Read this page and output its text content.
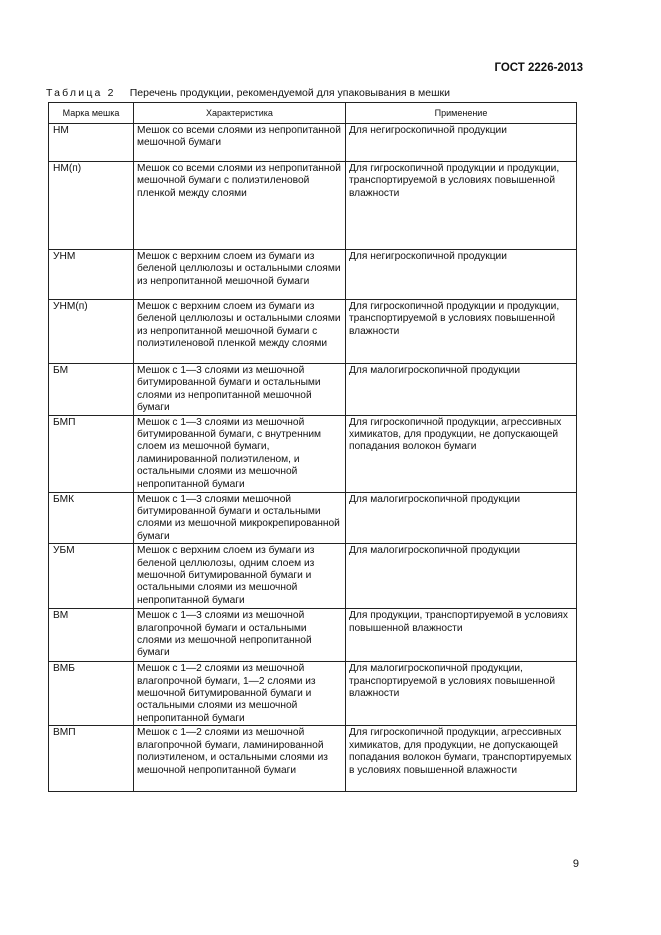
ГОСТ 2226-2013
Таблица 2 Перечень продукции, рекомендуемой для упаковывания в мешки
Марка мешка	Характеристика	Применение
НМ	Мешок со всеми слоями из непропитанной мешочной бумаги	Для негигроскопичной продукции
НМ(п)	Мешок со всеми слоями из непропитанной мешочной бумаги с полиэтиленовой пленкой между слоями	Для гигроскопичной продукции и продукции, транспортируемой в условиях повышенной влажности
УНМ	Мешок с верхним слоем из бумаги из беленой целлюлозы и остальными слоями из непропитанной мешочной бумаги	Для негигроскопичной продукции
УНМ(п)	Мешок с верхним слоем из бумаги из беленой целлюлозы и остальными слоями из непропитанной мешочной бумаги с полиэтиленовой пленкой между слоями	Для гигроскопичной продукции и продукции, транспортируемой в условиях повышенной влажности
БМ	Мешок с 1—3 слоями из мешочной битумированной бумаги и остальными слоями из непропитанной мешочной бумаги	Для малогигроскопичной продукции
БМП	Мешок с 1—3 слоями из мешочной битумированной бумаги, с внутренним слоем из мешочной бумаги, ламинированной полиэтиленом, и остальными слоями из мешочной непропитанной бумаги	Для гигроскопичной продукции, агрессивных химикатов, для продукции, не допускающей попадания волокон бумаги
БМК	Мешок с 1—3 слоями мешочной битумированной бумаги и остальными слоями из мешочной микрокрепированной бумаги	Для малогигроскопичной продукции
УБМ	Мешок с верхним слоем из бумаги из беленой целлюлозы, одним слоем из мешочной битумированной бумаги и остальными слоями из мешочной непропитанной бумаги	Для малогигроскопичной продукции
ВМ	Мешок с 1—3 слоями из мешочной влагопрочной бумаги и остальными слоями из мешочной непропитанной бумаги	Для продукции, транспортируемой в условиях повышенной влажности
ВМБ	Мешок с 1—2 слоями из мешочной влагопрочной бумаги, 1—2 слоями из мешочной битумированной бумаги и остальными слоями из мешочной непропитанной бумаги	Для малогигроскопичной продукции, транспортируемой в условиях повышенной влажности
ВМП	Мешок с 1—2 слоями из мешочной влагопрочной бумаги, ламинированной полиэтиленом, и остальными слоями из мешочной непропитанной бумаги	Для гигроскопичной продукции, агрессивных химикатов, для продукции, не допускающей попадания волокон бумаги, транспортируемых в условиях повышенной влажности
9
